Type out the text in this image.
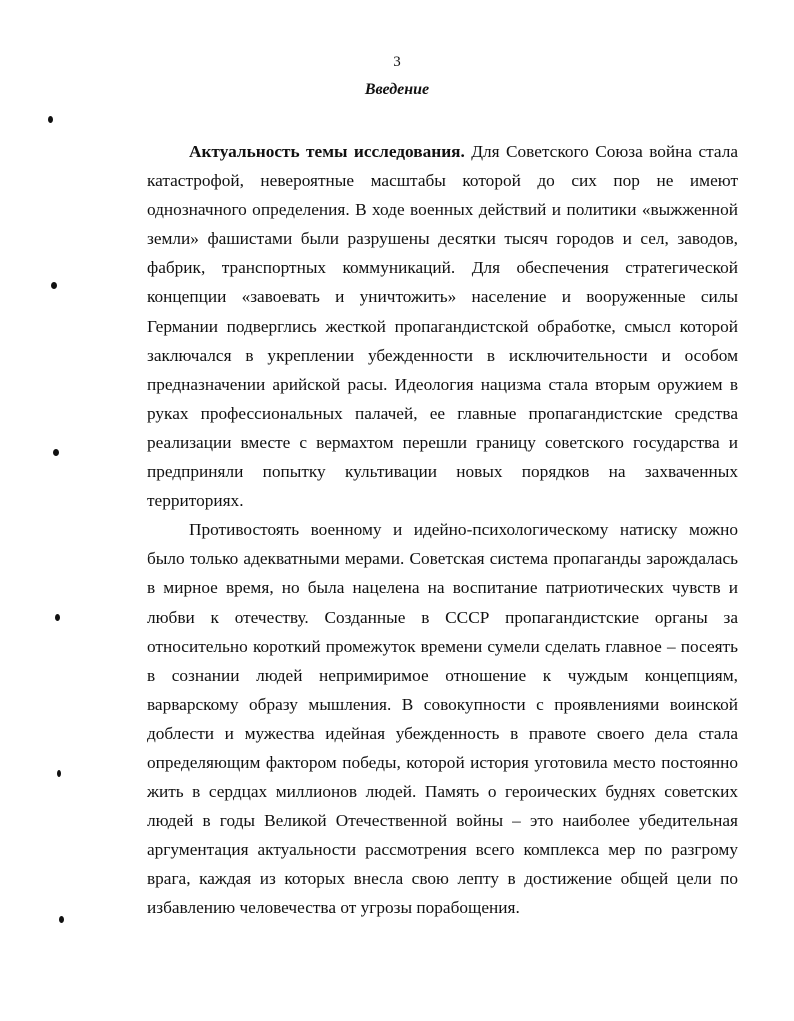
3
Введение
Актуальность темы исследования. Для Советского Союза война стала
катастрофой, невероятные масштабы которой до сих пор не имеют
однозначного определения. В ходе военных действий и политики «выжженной
земли» фашистами были разрушены десятки тысяч городов и сел, заводов,
фабрик, транспортных коммуникаций. Для обеспечения стратегической
концепции «завоевать и уничтожить» население и вооруженные силы
Германии подверглись жесткой пропагандистской обработке, смысл которой
заключался в укреплении убежденности в исключительности и особом
предназначении арийской расы. Идеология нацизма стала вторым оружием в
руках профессиональных палачей, ее главные пропагандистские средства
реализации вместе с вермахтом перешли границу советского государства и
предприняли попытку культивации новых порядков на захваченных
территориях.
Противостоять военному и идейно-психологическому натиску можно
было только адекватными мерами. Советская система пропаганды зарождалась
в мирное время, но была нацелена на воспитание патриотических чувств и
любви к отечеству. Созданные в СССР пропагандистские органы за
относительно короткий промежуток времени сумели сделать главное – посеять
в сознании людей непримиримое отношение к чуждым концепциям,
варварскому образу мышления. В совокупности с проявлениями воинской
доблести и мужества идейная убежденность в правоте своего дела стала
определяющим фактором победы, которой история уготовила место постоянно
жить в сердцах миллионов людей. Память о героических буднях советских
людей в годы Великой Отечественной войны – это наиболее убедительная
аргументация актуальности рассмотрения всего комплекса мер по разгрому
врага, каждая из которых внесла свою лепту в достижение общей цели по
избавлению человечества от угрозы порабощения.
